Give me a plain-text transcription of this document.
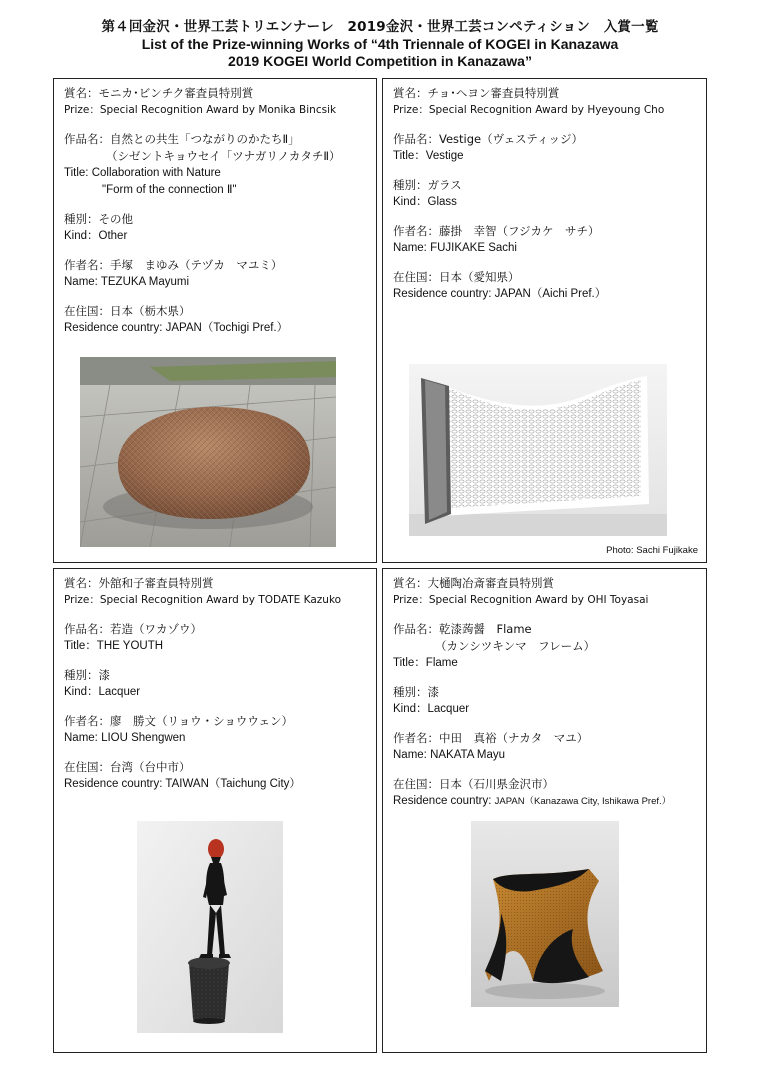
第４回金沢・世界工芸トリエンナーレ　2019金沢・世界工芸コンペティション　入賞一覧
List of the Prize-winning Works of “4th Triennale of KOGEI in Kanazawa
2019 KOGEI World Competition in Kanazawa”
賞名：モニカ･ビンチク審査員特別賞
Prize：Special Recognition Award by Monika Bincsik
作品名：自然との共生「つながりのかたちⅡ」
（シゼントキョウセイ「ツナガリノカタチⅡ）
Title: Collaboration with Nature
"Form of the connection Ⅱ"
種別：その他
Kind：Other
作者名：手塚　まゆみ（テヅカ　マユミ）
Name: TEZUKA Mayumi
在住国：日本（栃木県）
Residence country: JAPAN（Tochigi Pref.）
賞名：チョ･ヘヨン審査員特別賞
Prize：Special Recognition Award by Hyeyoung Cho
作品名：Vestige（ヴェスティッジ）
Title：Vestige
種別：ガラス
Kind：Glass
作者名：藤掛　幸智（フジカケ　サチ）
Name: FUJIKAKE Sachi
在住国：日本（愛知県）
Residence country: JAPAN（Aichi Pref.）
Photo: Sachi Fujikake
賞名：外舘和子審査員特別賞
Prize：Special Recognition Award by TODATE Kazuko
作品名：若造（ワカゾウ）
Title：THE YOUTH
種別：漆
Kind：Lacquer
作者名：廖　勝文（リョウ・ショウウェン）
Name: LIOU Shengwen
在住国：台湾（台中市）
Residence country: TAIWAN（Taichung City）
賞名：大樋陶冶斎審査員特別賞
Prize：Special Recognition Award by OHI Toyasai
作品名：乾漆蒟醤　Flame
（カンシツキンマ　フレーム）
Title：Flame
種別：漆
Kind：Lacquer
作者名：中田　真裕（ナカタ　マユ）
Name: NAKATA Mayu
在住国：日本（石川県金沢市）
Residence country: JAPAN（Kanazawa City, Ishikawa Pref.）
